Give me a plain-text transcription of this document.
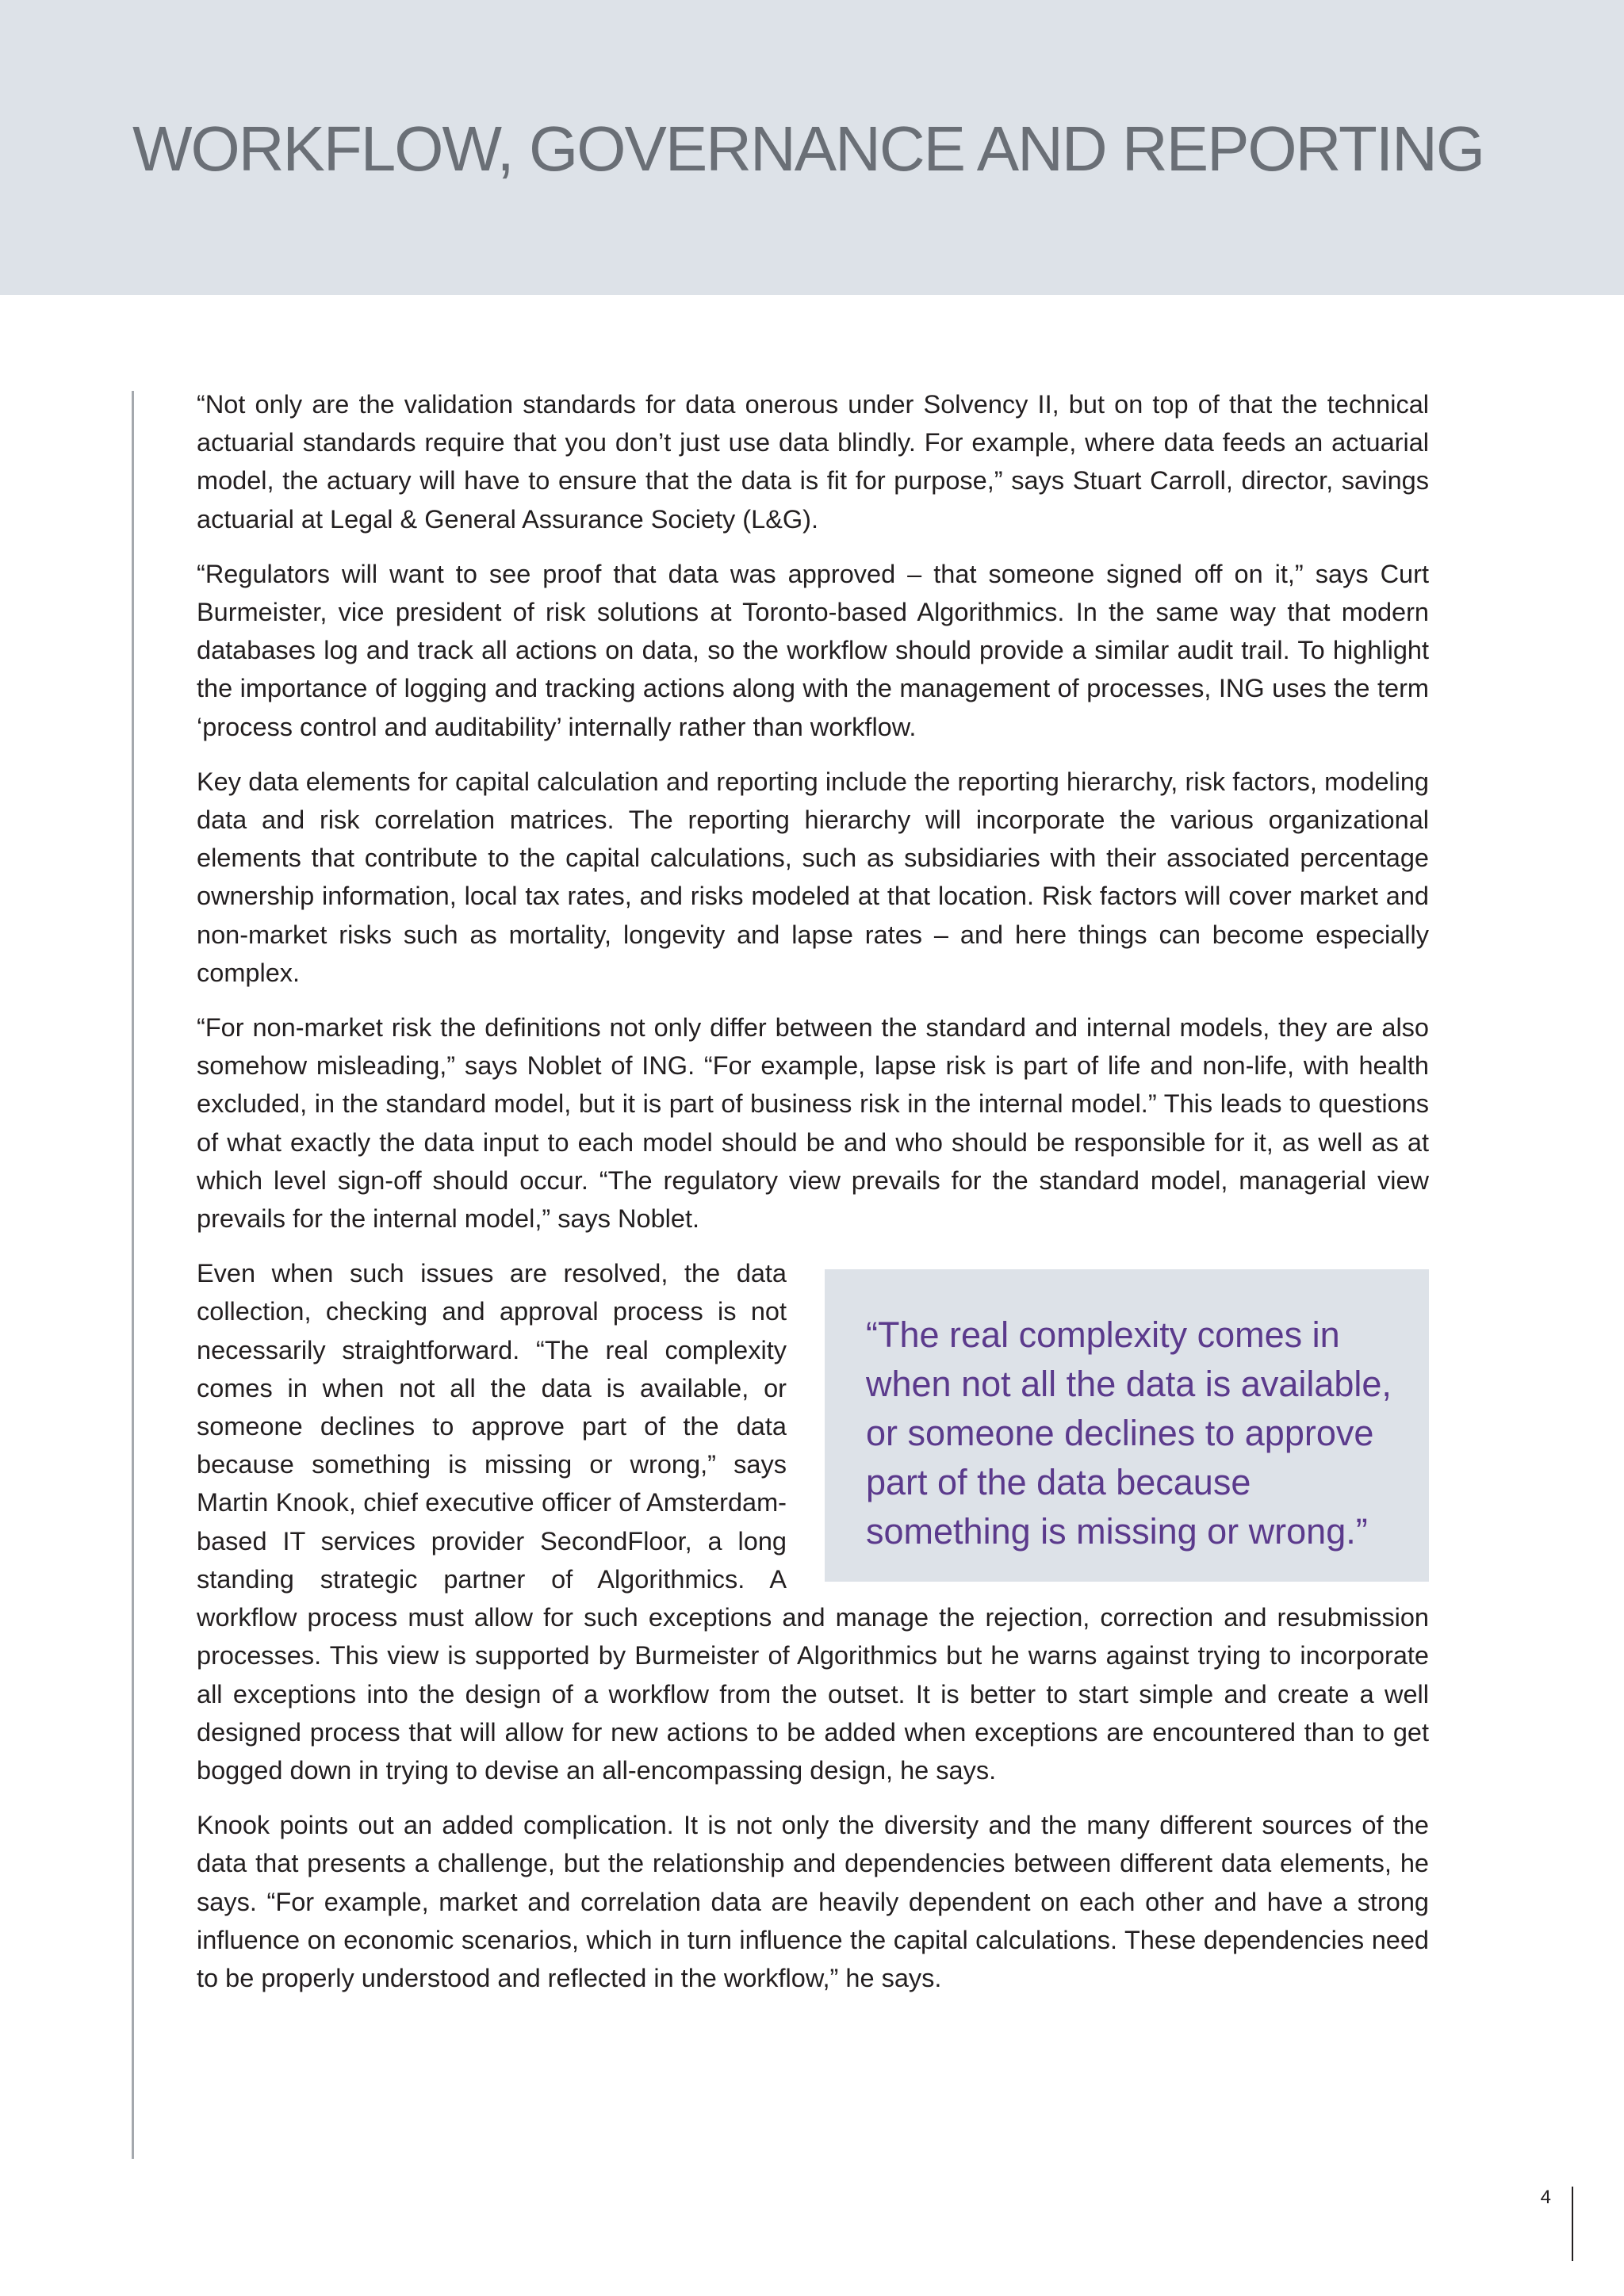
WORKFLOW, GOVERNANCE AND REPORTING

“Not only are the validation standards for data onerous under Solvency II, but on top of that the technical actuarial standards require that you don’t just use data blindly. For example, where data feeds an actuarial model, the actuary will have to ensure that the data is fit for purpose,” says Stuart Carroll, director, savings actuarial at Legal & General Assurance Society (L&G).

“Regulators will want to see proof that data was approved – that someone signed off on it,” says Curt Burmeister, vice president of risk solutions at Toronto-based Algorithmics. In the same way that modern databases log and track all actions on data, so the workflow should provide a similar audit trail. To highlight the importance of logging and tracking actions along with the management of processes, ING uses the term ‘process control and auditability’ internally rather than workflow.

Key data elements for capital calculation and reporting include the reporting hierarchy, risk factors, modeling data and risk correlation matrices. The reporting hierarchy will incorporate the various organizational elements that contribute to the capital calculations, such as subsidiaries with their associated percentage ownership information, local tax rates, and risks modeled at that location. Risk factors will cover market and non-market risks such as mortality, longevity and lapse rates – and here things can become especially complex.

“For non-market risk the definitions not only differ between the standard and internal models, they are also somehow misleading,” says Noblet of ING. “For example, lapse risk is part of life and non-life, with health excluded, in the standard model, but it is part of business risk in the internal model.” This leads to questions of what exactly the data input to each model should be and who should be responsible for it, as well as at which level sign-off should occur. “The regulatory view prevails for the standard model, managerial view prevails for the internal model,” says Noblet.

“The real complexity comes in when not all the data is available, or someone declines to approve part of the data because something is missing or wrong.”

Even when such issues are resolved, the data collection, checking and approval process is not necessarily straightforward. “The real complexity comes in when not all the data is available, or someone declines to approve part of the data because something is missing or wrong,” says Martin Knook, chief executive officer of Amsterdam-based IT services provider SecondFloor, a long standing strategic partner of Algorithmics. A workflow process must allow for such exceptions and manage the rejection, correction and resubmission processes. This view is supported by Burmeister of Algorithmics but he warns against trying to incorporate all exceptions into the design of a workflow from the outset. It is better to start simple and create a well designed process that will allow for new actions to be added when exceptions are encountered than to get bogged down in trying to devise an all-encompassing design, he says.

Knook points out an added complication. It is not only the diversity and the many different sources of the data that presents a challenge, but the relationship and dependencies between different data elements, he says. “For example, market and correlation data are heavily dependent on each other and have a strong influence on economic scenarios, which in turn influence the capital calculations. These dependencies need to be properly understood and reflected in the workflow,” he says.

4
